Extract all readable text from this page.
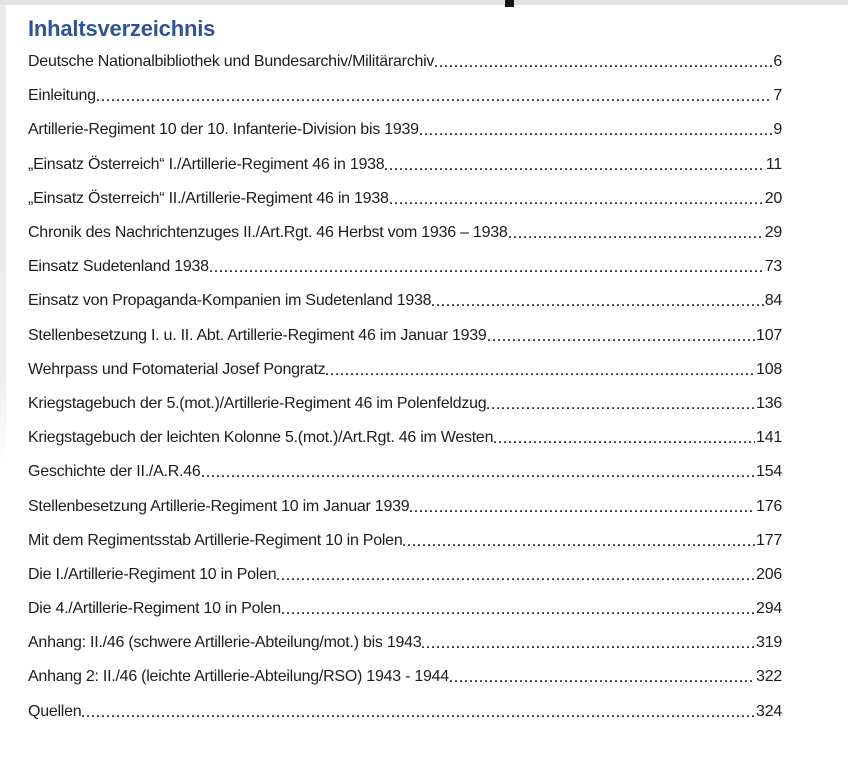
Inhaltsverzeichnis
Deutsche Nationalbibliothek und Bundesarchiv/Militärarchiv	6
Einleitung	7
Artillerie-Regiment 10 der 10. Infanterie-Division bis 1939	9
„Einsatz Österreich“ I./Artillerie-Regiment 46 in 1938	11
„Einsatz Österreich“ II./Artillerie-Regiment 46 in 1938	20
Chronik des Nachrichtenzuges II./Art.Rgt. 46 Herbst vom 1936 – 1938	29
Einsatz Sudetenland 1938	73
Einsatz von Propaganda-Kompanien im Sudetenland 1938	84
Stellenbesetzung I. u. II. Abt. Artillerie-Regiment 46 im Januar 1939	107
Wehrpass und Fotomaterial Josef Pongratz	108
Kriegstagebuch der 5.(mot.)/Artillerie-Regiment 46 im Polenfeldzug	136
Kriegstagebuch der leichten Kolonne 5.(mot.)/Art.Rgt. 46 im Westen	141
Geschichte der II./A.R.46	154
Stellenbesetzung Artillerie-Regiment 10 im Januar 1939	176
Mit dem Regimentsstab Artillerie-Regiment 10 in Polen	177
Die I./Artillerie-Regiment 10 in Polen	206
Die 4./Artillerie-Regiment 10 in Polen	294
Anhang: II./46 (schwere Artillerie-Abteilung/mot.) bis 1943	319
Anhang 2: II./46 (leichte Artillerie-Abteilung/RSO) 1943 - 1944	322
Quellen	324
